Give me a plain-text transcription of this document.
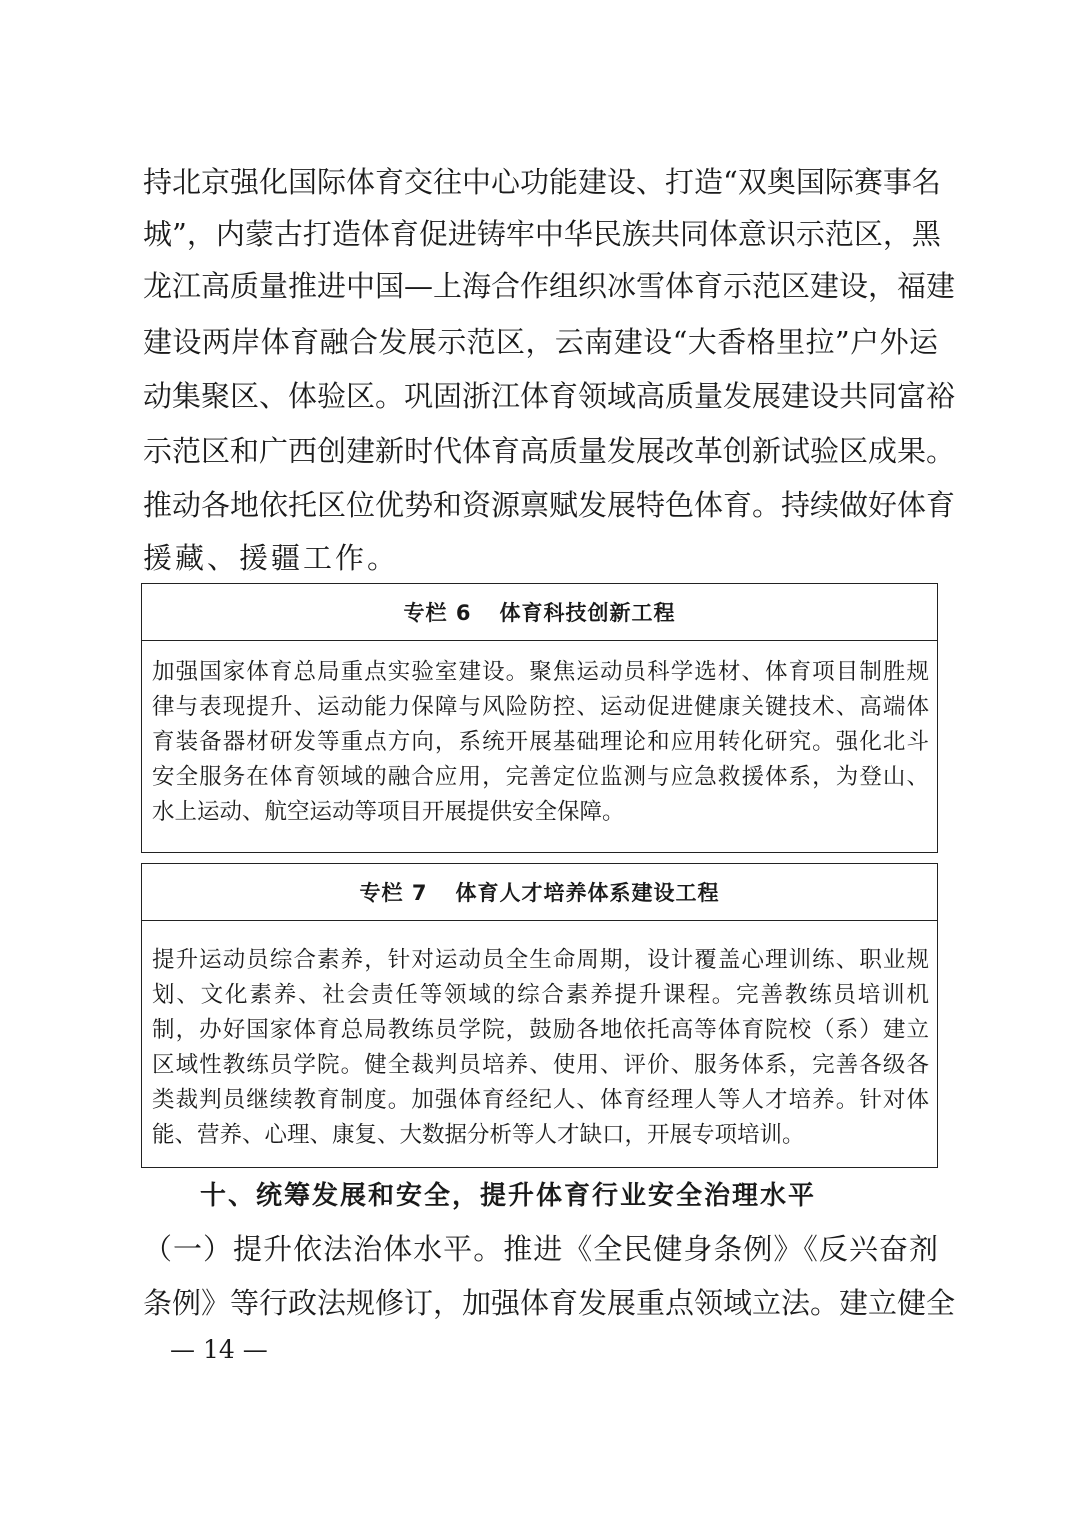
持北京强化国际体育交往中心功能建设、打造“双奥国际赛事名
城”，内蒙古打造体育促进铸牢中华民族共同体意识示范区，黑
龙江高质量推进中国—上海合作组织冰雪体育示范区建设，福建
建设两岸体育融合发展示范区，云南建设“大香格里拉”户外运
动集聚区、体验区。巩固浙江体育领域高质量发展建设共同富裕
示范区和广西创建新时代体育高质量发展改革创新试验区成果。
推动各地依托区位优势和资源禀赋发展特色体育。持续做好体育
援藏、援疆工作。
专栏 6 体育科技创新工程
加强国家体育总局重点实验室建设。聚焦运动员科学选材、体育项目制胜规
律与表现提升、运动能力保障与风险防控、运动促进健康关键技术、高端体
育装备器材研发等重点方向，系统开展基础理论和应用转化研究。强化北斗
安全服务在体育领域的融合应用，完善定位监测与应急救援体系，为登山、
水上运动、航空运动等项目开展提供安全保障。
专栏 7 体育人才培养体系建设工程
提升运动员综合素养，针对运动员全生命周期，设计覆盖心理训练、职业规
划、文化素养、社会责任等领域的综合素养提升课程。完善教练员培训机
制，办好国家体育总局教练员学院，鼓励各地依托高等体育院校（系）建立
区域性教练员学院。健全裁判员培养、使用、评价、服务体系，完善各级各
类裁判员继续教育制度。加强体育经纪人、体育经理人等人才培养。针对体
能、营养、心理、康复、大数据分析等人才缺口，开展专项培训。
十、统筹发展和安全，提升体育行业安全治理水平
（一）提升依法治体水平。推进《全民健身条例》《反兴奋剂
条例》等行政法规修订，加强体育发展重点领域立法。建立健全
— 14 —
